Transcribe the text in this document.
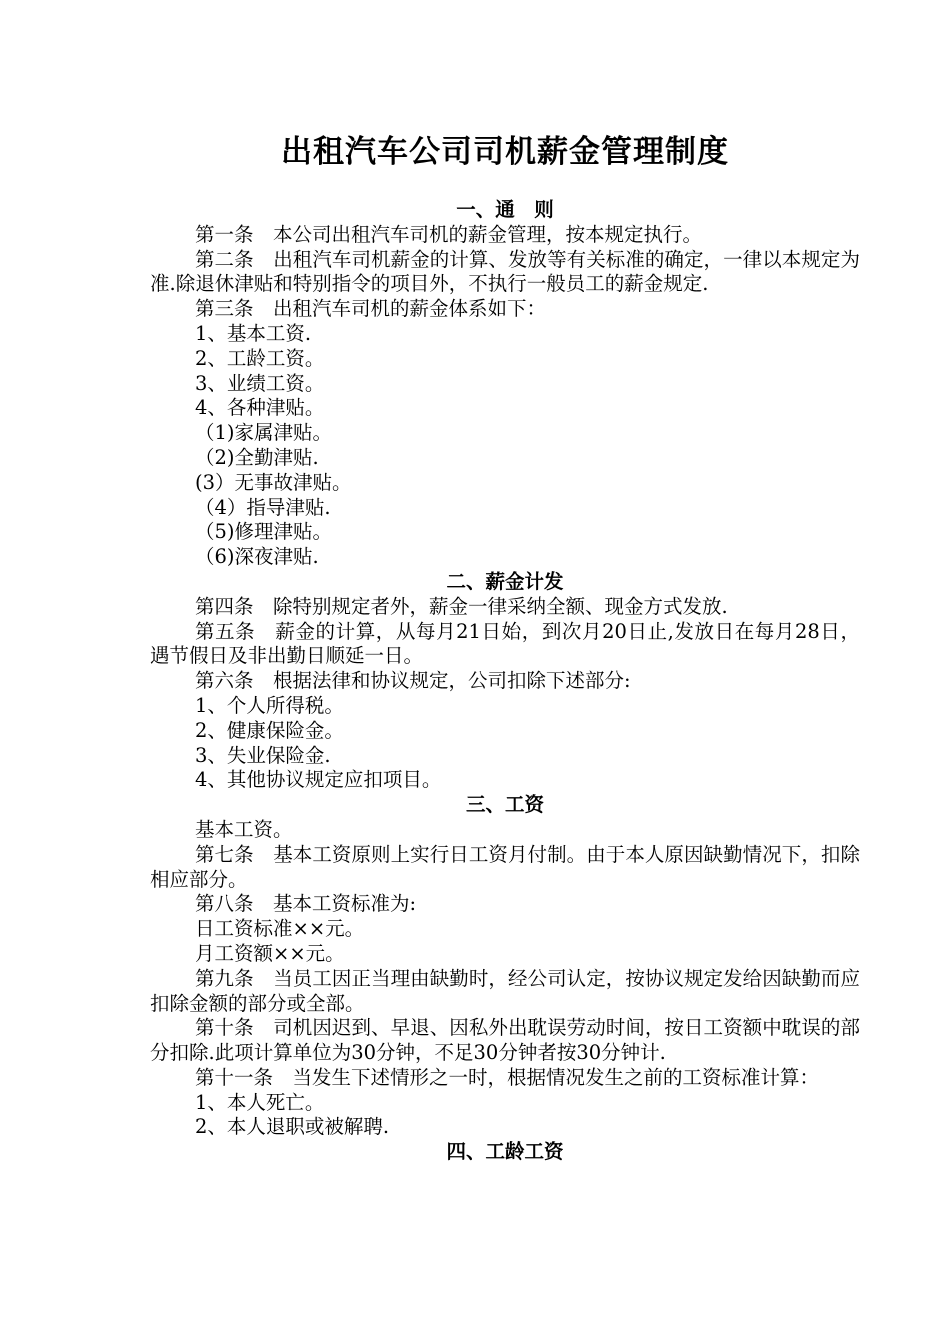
出租汽车公司司机薪金管理制度
一、通　则

第一条　 本公司出租汽车司机的薪金管理，按本规定执行。

第二条　 出租汽车司机薪金的计算、发放等有关标准的确定，一律以本规定为准.除退休津贴和特别指令的项目外，不执行一般员工的薪金规定.

第三条　 出租汽车司机的薪金体系如下：

1、基本工资.

2、工龄工资。

3、业绩工资。

4、各种津贴。

（1)家属津贴。

（2)全勤津贴.

(3）无事故津贴。

（4）指导津贴.

（5)修理津贴。

（6)深夜津贴.

二、薪金计发

第四条　 除特别规定者外，薪金一律采纳全额、现金方式发放.

第五条　 薪金的计算，从每月21日始，到次月20日止,发放日在每月28日，遇节假日及非出勤日顺延一日。

第六条　 根据法律和协议规定，公司扣除下述部分:

1、个人所得税。

2、健康保险金。

3、失业保险金.

4、其他协议规定应扣项目。

三、工资

基本工资。

第七条　 基本工资原则上实行日工资月付制。由于本人原因缺勤情况下，扣除相应部分。

第八条　 基本工资标准为:

日工资标准××元。

月工资额××元。

第九条　 当员工因正当理由缺勤时，经公司认定，按协议规定发给因缺勤而应扣除金额的部分或全部。

第十条　 司机因迟到、早退、因私外出耽误劳动时间，按日工资额中耽误的部分扣除.此项计算单位为30分钟，不足30分钟者按30分钟计.

第十一条　 当发生下述情形之一时，根据情况发生之前的工资标准计算：

1、本人死亡。

2、本人退职或被解聘.

四、工龄工资
